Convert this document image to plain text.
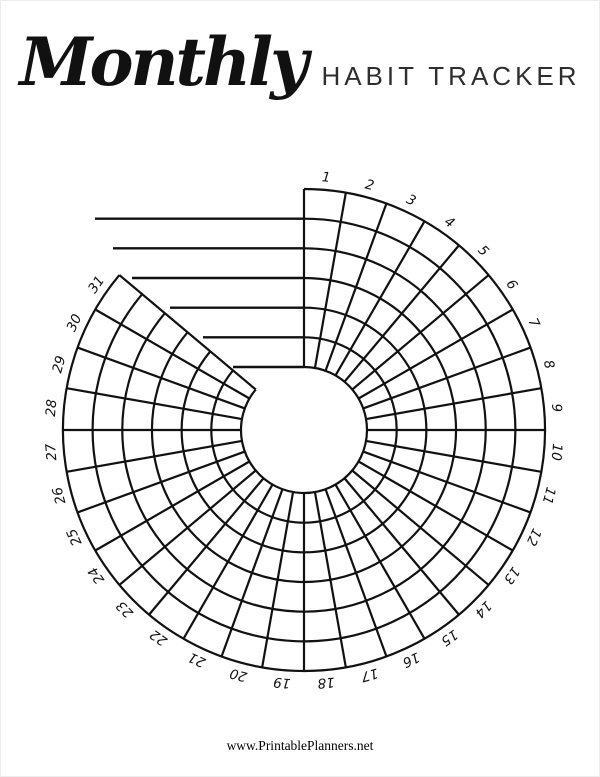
Monthly HABIT TRACKER
1 2
3
4
5
6
7
8
9
10
11
12
13
14
15
16
17
18
19
20
21
22
23
24
25
26
27
28
29
30
31
www.PrintablePlanners.net
